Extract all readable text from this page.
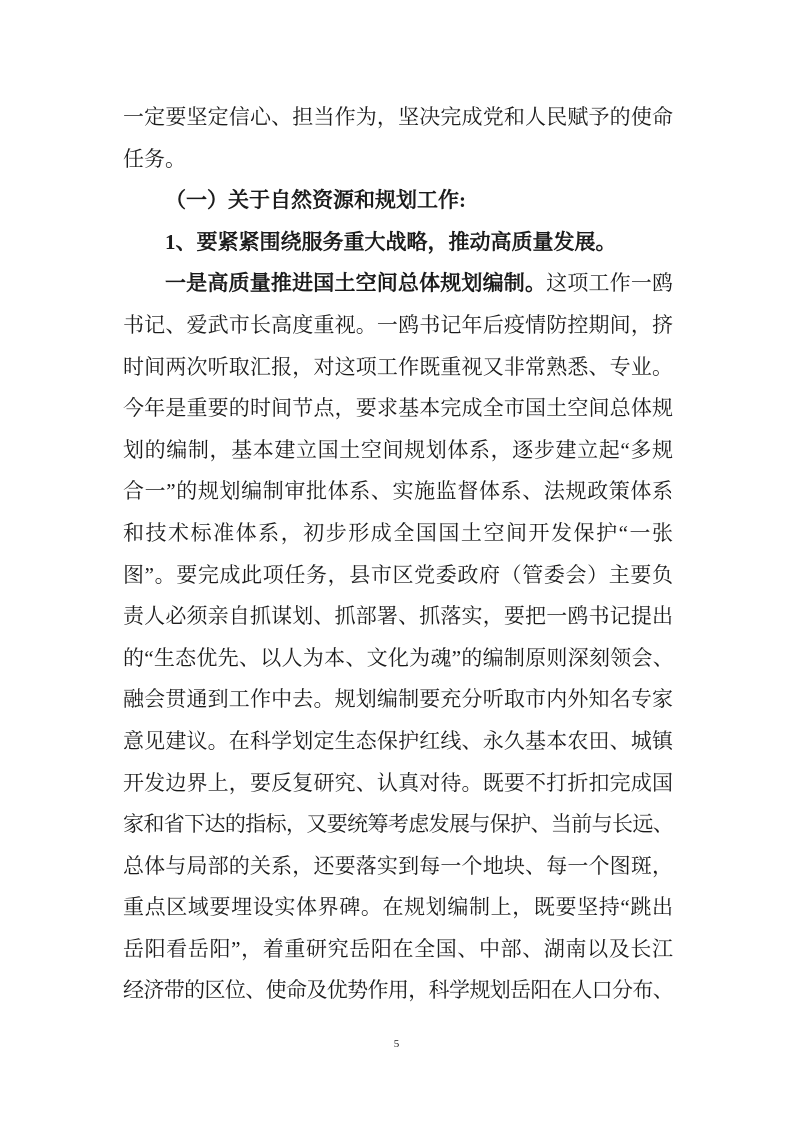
一定要坚定信心、担当作为，坚决完成党和人民赋予的使命
任务。
（一）关于自然资源和规划工作:
1、要紧紧围绕服务重大战略，推动高质量发展。
一是高质量推进国土空间总体规划编制。这项工作一鸥
书记、爱武市长高度重视。一鸥书记年后疫情防控期间，挤
时间两次听取汇报，对这项工作既重视又非常熟悉、专业。
今年是重要的时间节点，要求基本完成全市国土空间总体规
划的编制，基本建立国土空间规划体系，逐步建立起“多规
合一”的规划编制审批体系、实施监督体系、法规政策体系
和技术标准体系，初步形成全国国土空间开发保护“一张
图”。要完成此项任务，县市区党委政府（管委会）主要负
责人必须亲自抓谋划、抓部署、抓落实，要把一鸥书记提出
的“生态优先、以人为本、文化为魂”的编制原则深刻领会、
融会贯通到工作中去。规划编制要充分听取市内外知名专家
意见建议。在科学划定生态保护红线、永久基本农田、城镇
开发边界上，要反复研究、认真对待。既要不打折扣完成国
家和省下达的指标，又要统筹考虑发展与保护、当前与长远、
总体与局部的关系，还要落实到每一个地块、每一个图斑，
重点区域要埋设实体界碑。在规划编制上，既要坚持“跳出
岳阳看岳阳”，着重研究岳阳在全国、中部、湖南以及长江
经济带的区位、使命及优势作用，科学规划岳阳在人口分布、
5
